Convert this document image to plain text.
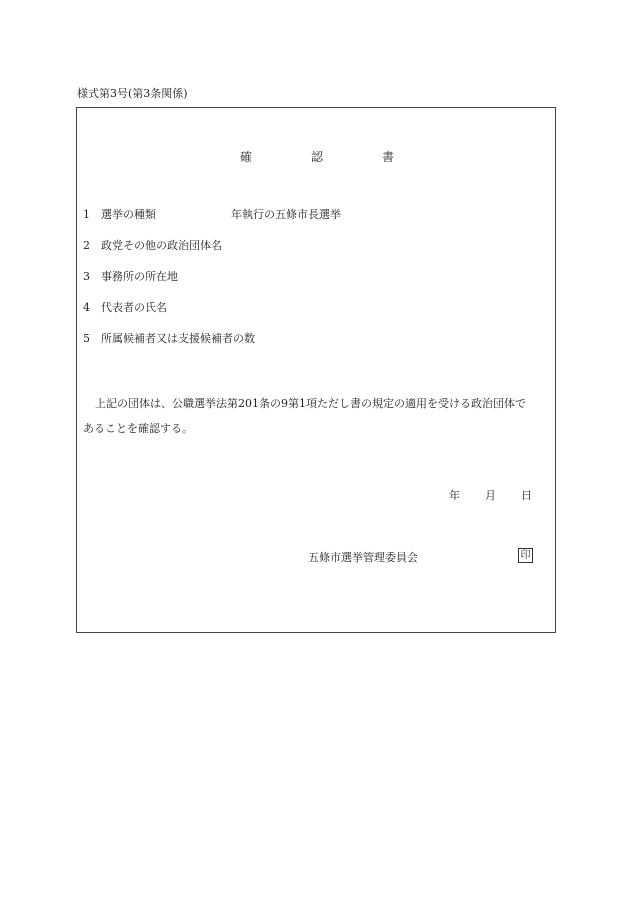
様式第3号(第3条関係)
確	認	書
1 選挙の種類	年執行の五條市長選挙
2 政党その他の政治団体名
3 事務所の所在地
4 代表者の氏名
5 所属候補者又は支援候補者の数
上記の団体は、公職選挙法第201条の9第1項ただし書の規定の適用を受ける政治団体で
あることを確認する。
年 月 日
五條市選挙管理委員会	印
